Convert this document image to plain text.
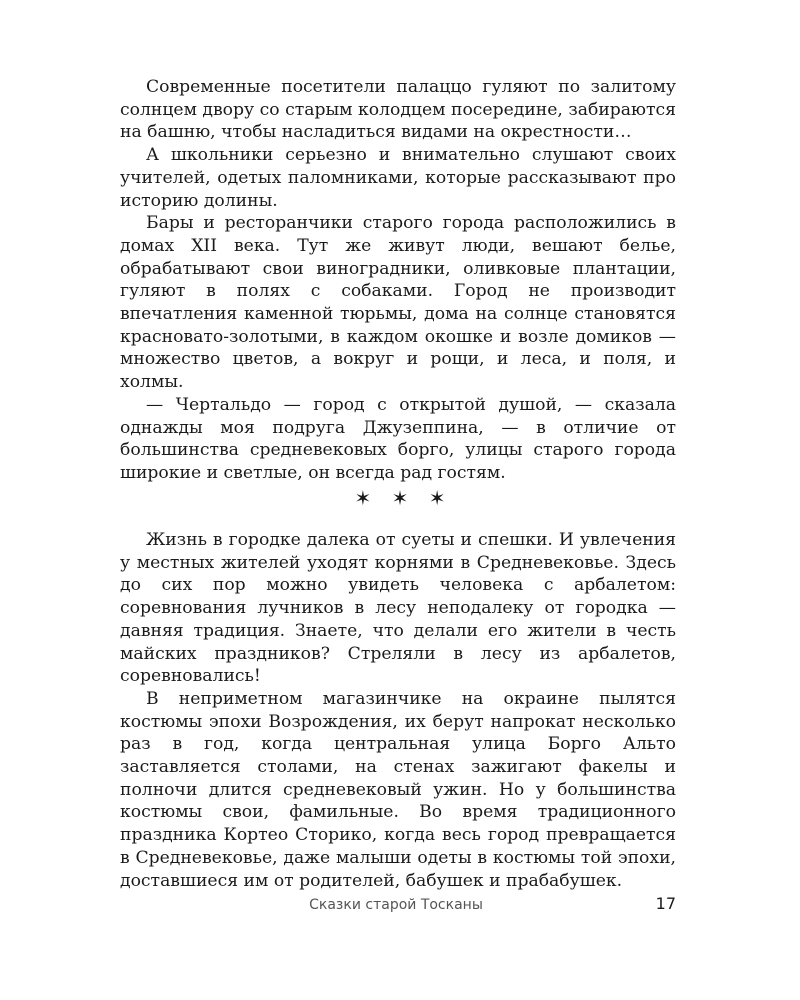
Современные посетители палаццо гуляют по залитому солнцем двору со старым колодцем посередине, забираются на башню, чтобы насладиться видами на окрестности…

А школьники серьезно и внимательно слушают своих учителей, одетых паломниками, которые рассказывают про историю долины.

Бары и ресторанчики старого города расположились в домах XII века. Тут же живут люди, вешают белье, обрабатывают свои виноградники, оливковые плантации, гуляют в полях с собаками. Город не производит впечатления каменной тюрьмы, дома на солнце становятся красновато-золотыми, в каждом окошке и возле домиков — множество цветов, а вокруг и рощи, и леса, и поля, и холмы.

— Чертальдо — город с открытой душой, — сказала однажды моя подруга Джузеппина, — в отличие от большинства средневековых борго, улицы старого города широкие и светлые, он всегда рад гостям.

✶ ✶ ✶

Жизнь в городке далека от суеты и спешки. И увлечения у местных жителей уходят корнями в Средневековье. Здесь до сих пор можно увидеть человека с арбалетом: соревнования лучников в лесу неподалеку от городка — давняя традиция. Знаете, что делали его жители в честь майских праздников? Стреляли в лесу из арбалетов, соревновались!

В неприметном магазинчике на окраине пылятся костюмы эпохи Возрождения, их берут напрокат несколько раз в год, когда центральная улица Борго Альто заставляется столами, на стенах зажигают факелы и полночи длится средневековый ужин. Но у большинства костюмы свои, фамильные. Во время традиционного праздника Кортео Сторико, когда весь город превращается в Средневековье, даже малыши одеты в костюмы той эпохи, доставшиеся им от родителей, бабушек и прабабушек.

Сказки старой Тосканы	17
